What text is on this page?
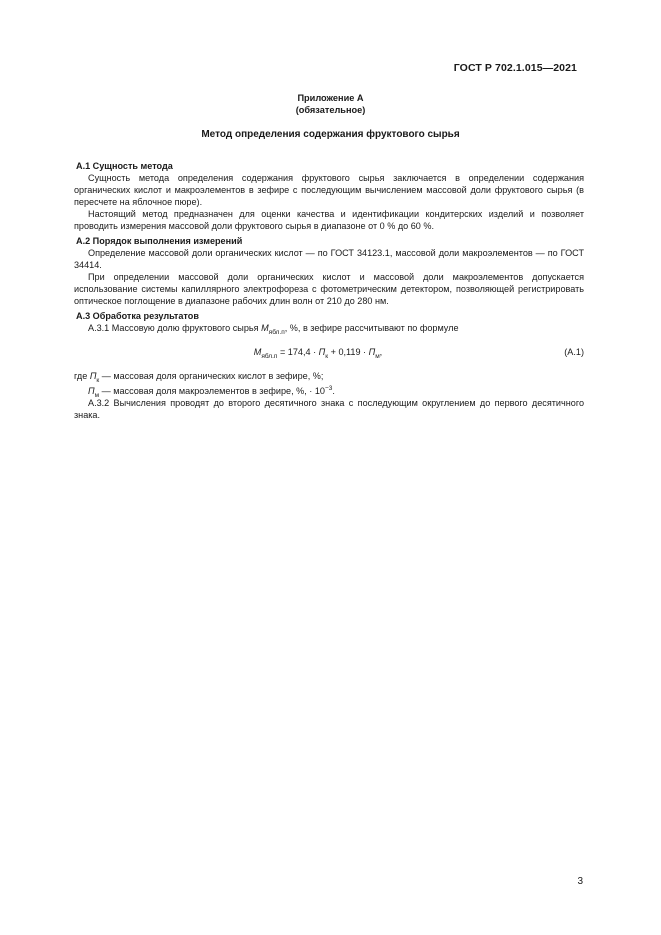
ГОСТ Р 702.1.015—2021
Приложение А
(обязательное)
Метод определения содержания фруктового сырья
А.1 Сущность метода

Сущность метода определения содержания фруктового сырья заключается в определении содержания органических кислот и макроэлементов в зефире с последующим вычислением массовой доли фруктового сырья (в пересчете на яблочное пюре).

Настоящий метод предназначен для оценки качества и идентификации кондитерских изделий и позволяет проводить измерения массовой доли фруктового сырья в диапазоне от 0 % до 60 %.

А.2 Порядок выполнения измерений

Определение массовой доли органических кислот — по ГОСТ 34123.1, массовой доли макроэлементов — по ГОСТ 34414.

При определении массовой доли органических кислот и массовой доли макроэлементов допускается использование системы капиллярного электрофореза с фотометрическим детектором, позволяющей регистрировать оптическое поглощение в диапазоне рабочих длин волн от 210 до 280 нм.

А.3 Обработка результатов

А.3.1 Массовую долю фруктового сырья $M_{ябл.п}$, %, в зефире рассчитывают по формуле

$M_{ябл.п} = 174,4 \cdot П_к + 0,119 \cdot П_м$,	(А.1)

где $П_к$ — массовая доля органических кислот в зефире, %;

$П_м$ — массовая доля макроэлементов в зефире, %, · $10^{-3}$.

А.3.2 Вычисления проводят до второго десятичного знака с последующим округлением до первого десятичного знака.

3
